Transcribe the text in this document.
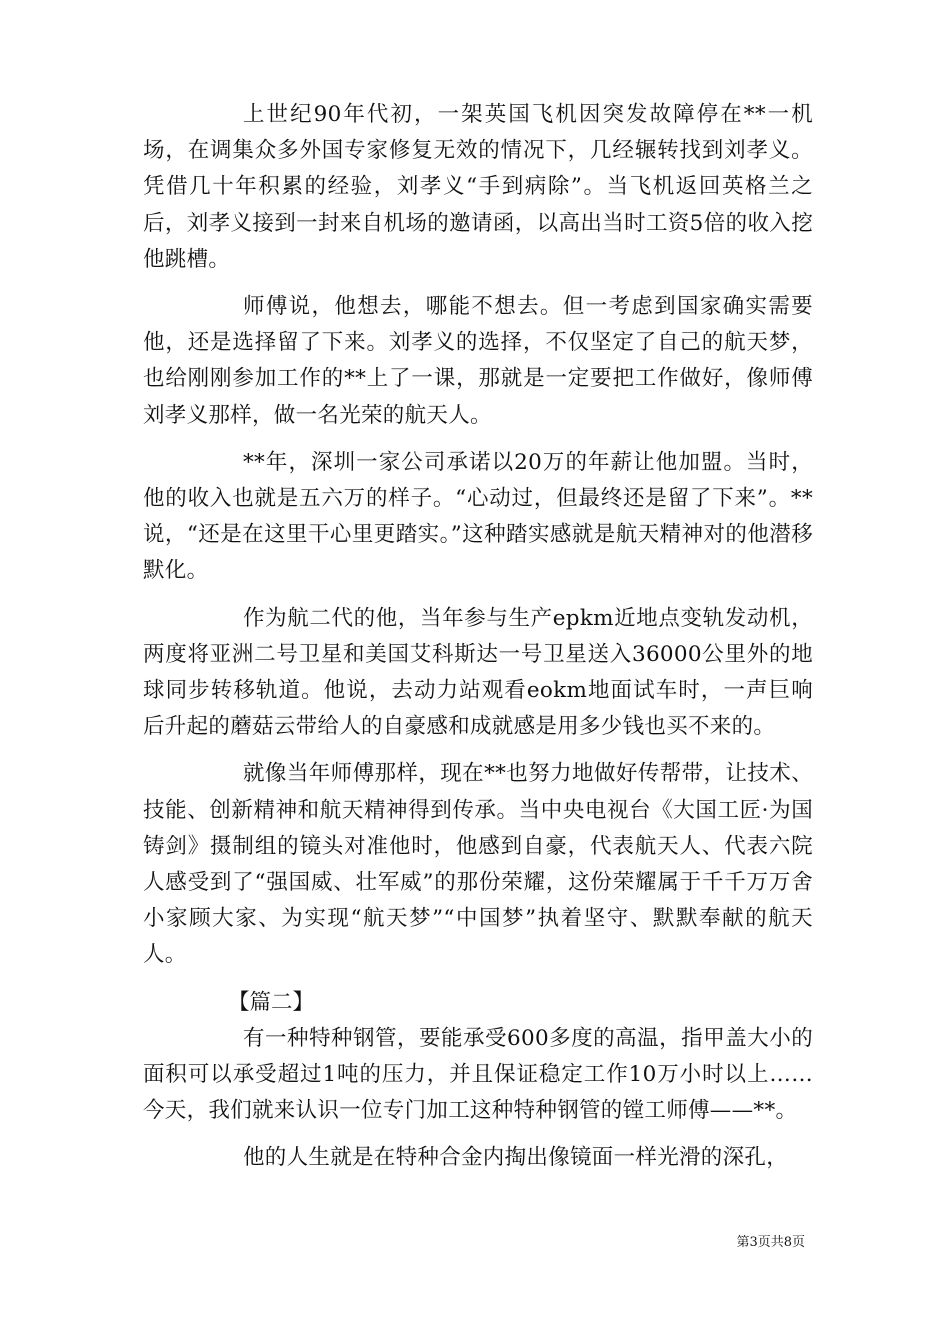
上世纪90年代初，一架英国飞机因突发故障停在**一机场，在调集众多外国专家修复无效的情况下，几经辗转找到刘孝义。凭借几十年积累的经验，刘孝义“手到病除”。当飞机返回英格兰之后，刘孝义接到一封来自机场的邀请函，以高出当时工资5倍的收入挖他跳槽。

师傅说，他想去，哪能不想去。但一考虑到国家确实需要他，还是选择留了下来。刘孝义的选择，不仅坚定了自己的航天梦，也给刚刚参加工作的**上了一课，那就是一定要把工作做好，像师傅刘孝义那样，做一名光荣的航天人。

**年，深圳一家公司承诺以20万的年薪让他加盟。当时，他的收入也就是五六万的样子。“心动过，但最终还是留了下来”。**说，“还是在这里干心里更踏实。”这种踏实感就是航天精神对的他潜移默化。

作为航二代的他，当年参与生产epkm近地点变轨发动机，两度将亚洲二号卫星和美国艾科斯达一号卫星送入36000公里外的地球同步转移轨道。他说，去动力站观看eokm地面试车时，一声巨响后升起的蘑菇云带给人的自豪感和成就感是用多少钱也买不来的。

就像当年师傅那样，现在**也努力地做好传帮带，让技术、技能、创新精神和航天精神得到传承。当中央电视台《大国工匠·为国铸剑》摄制组的镜头对准他时，他感到自豪，代表航天人、代表六院人感受到了“强国威、壮军威”的那份荣耀，这份荣耀属于千千万万舍小家顾大家、为实现“航天梦”“中国梦”执着坚守、默默奉献的航天人。

【篇二】

有一种特种钢管，要能承受600多度的高温，指甲盖大小的面积可以承受超过1吨的压力，并且保证稳定工作10万小时以上……今天，我们就来认识一位专门加工这种特种钢管的镗工师傅——**。

他的人生就是在特种合金内掏出像镜面一样光滑的深孔，

第3页共8页
